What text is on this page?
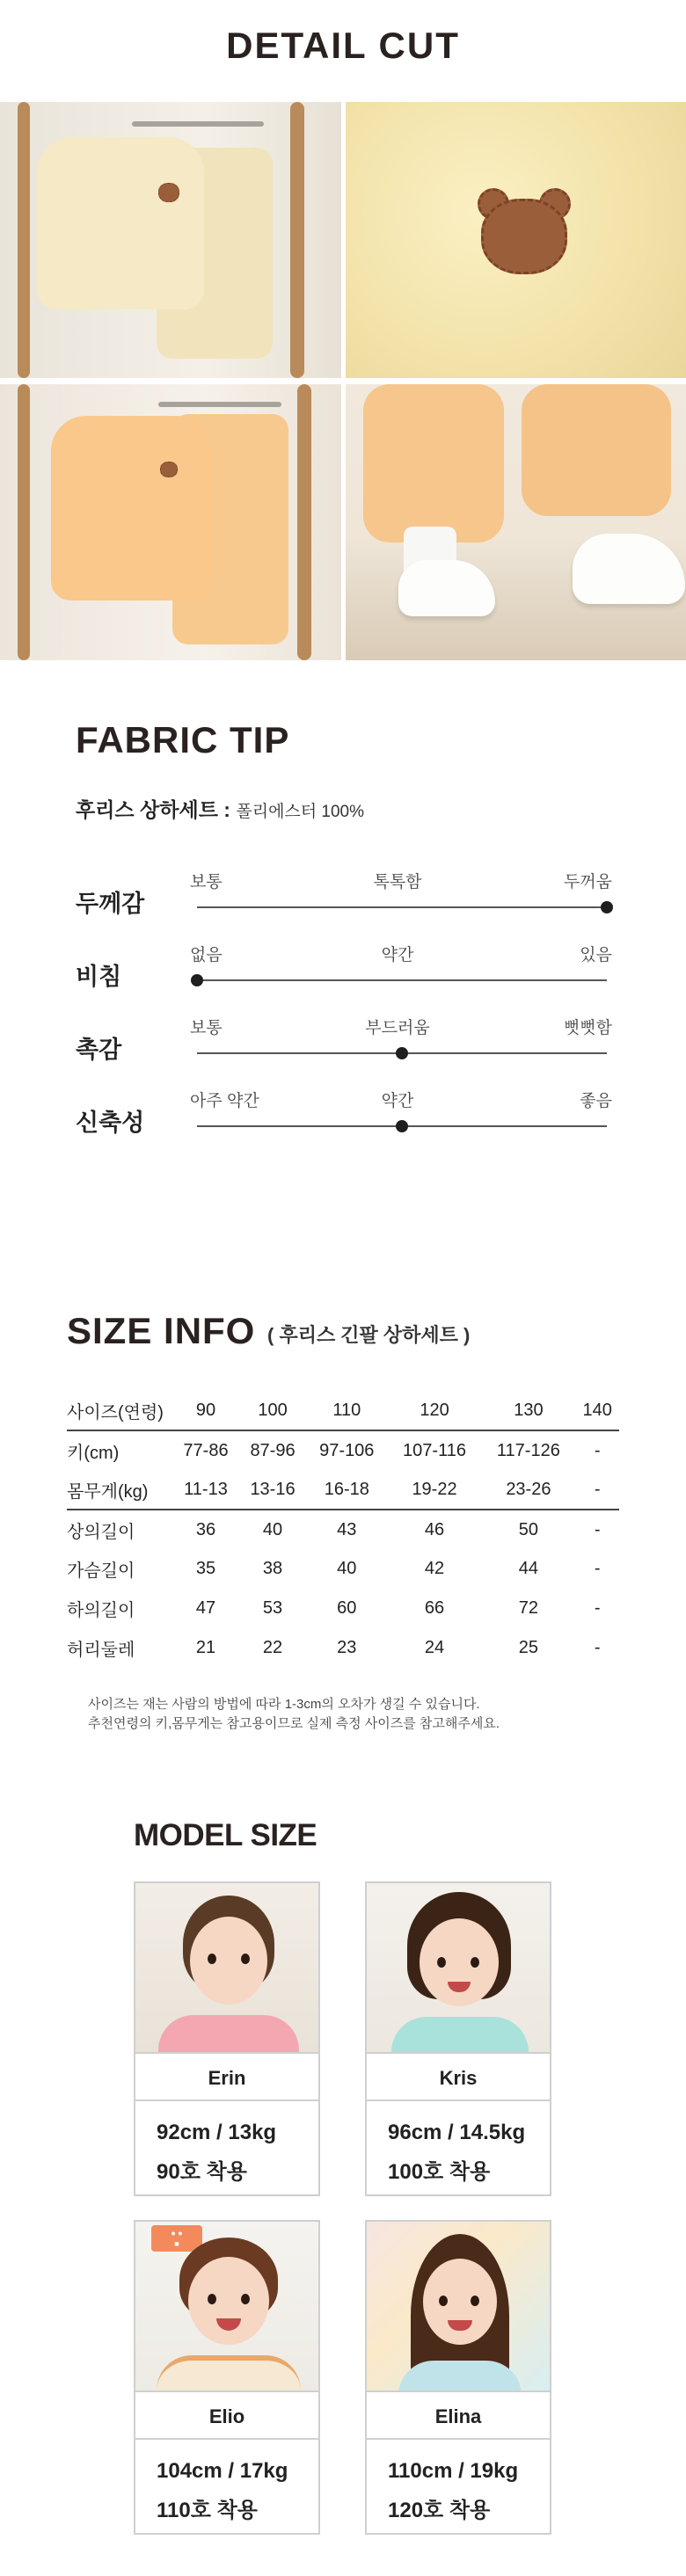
DETAIL CUT
FABRIC TIP
후리스 상하세트 : 폴리에스터 100%
두께감
보통	톡톡함	두꺼움
비침
없음	약간	있음
촉감
보통	부드러움	뻣뻣함
신축성
아주 약간	약간	좋음
SIZE INFO ( 후리스 긴팔 상하세트 )
사이즈(연령)	90	100	110	120	130	140
키(cm)	77-86	87-96	97-106	107-116	117-126	-
몸무게(kg)	11-13	13-16	16-18	19-22	23-26	-
상의길이	36	40	43	46	50	-
가슴길이	35	38	40	42	44	-
하의길이	47	53	60	66	72	-
허리둘레	21	22	23	24	25	-
사이즈는 재는 사람의 방법에 따라 1-3cm의 오차가 생길 수 있습니다.
추천연령의 키,몸무게는 참고용이므로 실제 측정 사이즈를 참고해주세요.
MODEL SIZE
Erin
92cm / 13kg
90호 착용
Kris
96cm / 14.5kg
100호 착용
● ●
■
Elio
104cm / 17kg
110호 착용
Elina
110cm / 19kg
120호 착용
